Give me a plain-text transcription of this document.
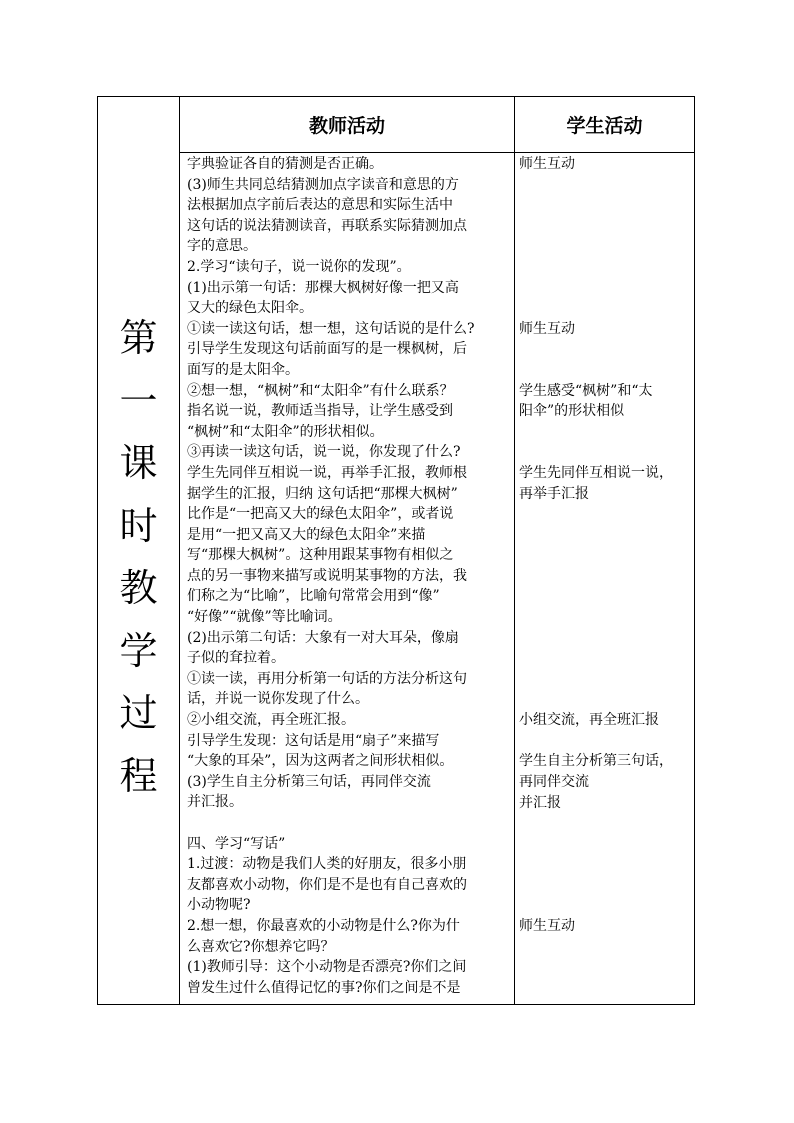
第
一
课
时
教
学
过
程
教师活动	学生活动
字典验证各自的猜测是否正确。
(3)师生共同总结猜测加点字读音和意思的方
法根据加点字前后表达的意思和实际生活中
这句话的说法猜测读音，再联系实际猜测加点
字的意思。
2.学习“读句子，说一说你的发现”。
(1)出示第一句话：那棵大枫树好像一把又高
又大的绿色太阳伞。
①读一读这句话，想一想，这句话说的是什么?
引导学生发现这句话前面写的是一棵枫树，后
面写的是太阳伞。
②想一想，“枫树”和“太阳伞”有什么联系？
指名说一说，教师适当指导，让学生感受到
“枫树”和“太阳伞”的形状相似。
③再读一读这句话，说一说，你发现了什么?
学生先同伴互相说一说，再举手汇报，教师根
据学生的汇报，归纳 这句话把“那棵大枫树”
比作是“一把高又大的绿色太阳伞”，或者说
是用“一把又高又大的绿色太阳伞”来描
写“那棵大枫树”。这种用跟某事物有相似之
点的另一事物来描写或说明某事物的方法，我
们称之为“比喻”，比喻句常常会用到“像”
“好像”“就像”等比喻词。
(2)出示第二句话：大象有一对大耳朵，像扇
子似的耷拉着。
①读一读，再用分析第一句话的方法分析这句
话，并说一说你发现了什么。
②小组交流，再全班汇报。
引导学生发现：这句话是用“扇子”来描写
“大象的耳朵”，因为这两者之间形状相似。
(3)学生自主分析第三句话，再同伴交流
并汇报。
四、学习“写话”
1.过渡：动物是我们人类的好朋友，很多小朋
友都喜欢小动物，你们是不是也有自己喜欢的
小动物呢?
2.想一想，你最喜欢的小动物是什么?你为什
么喜欢它?你想养它吗？
(1)教师引导：这个小动物是否漂亮?你们之间
曾发生过什么值得记忆的事?你们之间是不是
师生互动
师生互动
学生感受“枫树”和“太
阳伞”的形状相似
学生先同伴互相说一说，
再举手汇报
小组交流，再全班汇报
学生自主分析第三句话，
再同伴交流
并汇报
师生互动
